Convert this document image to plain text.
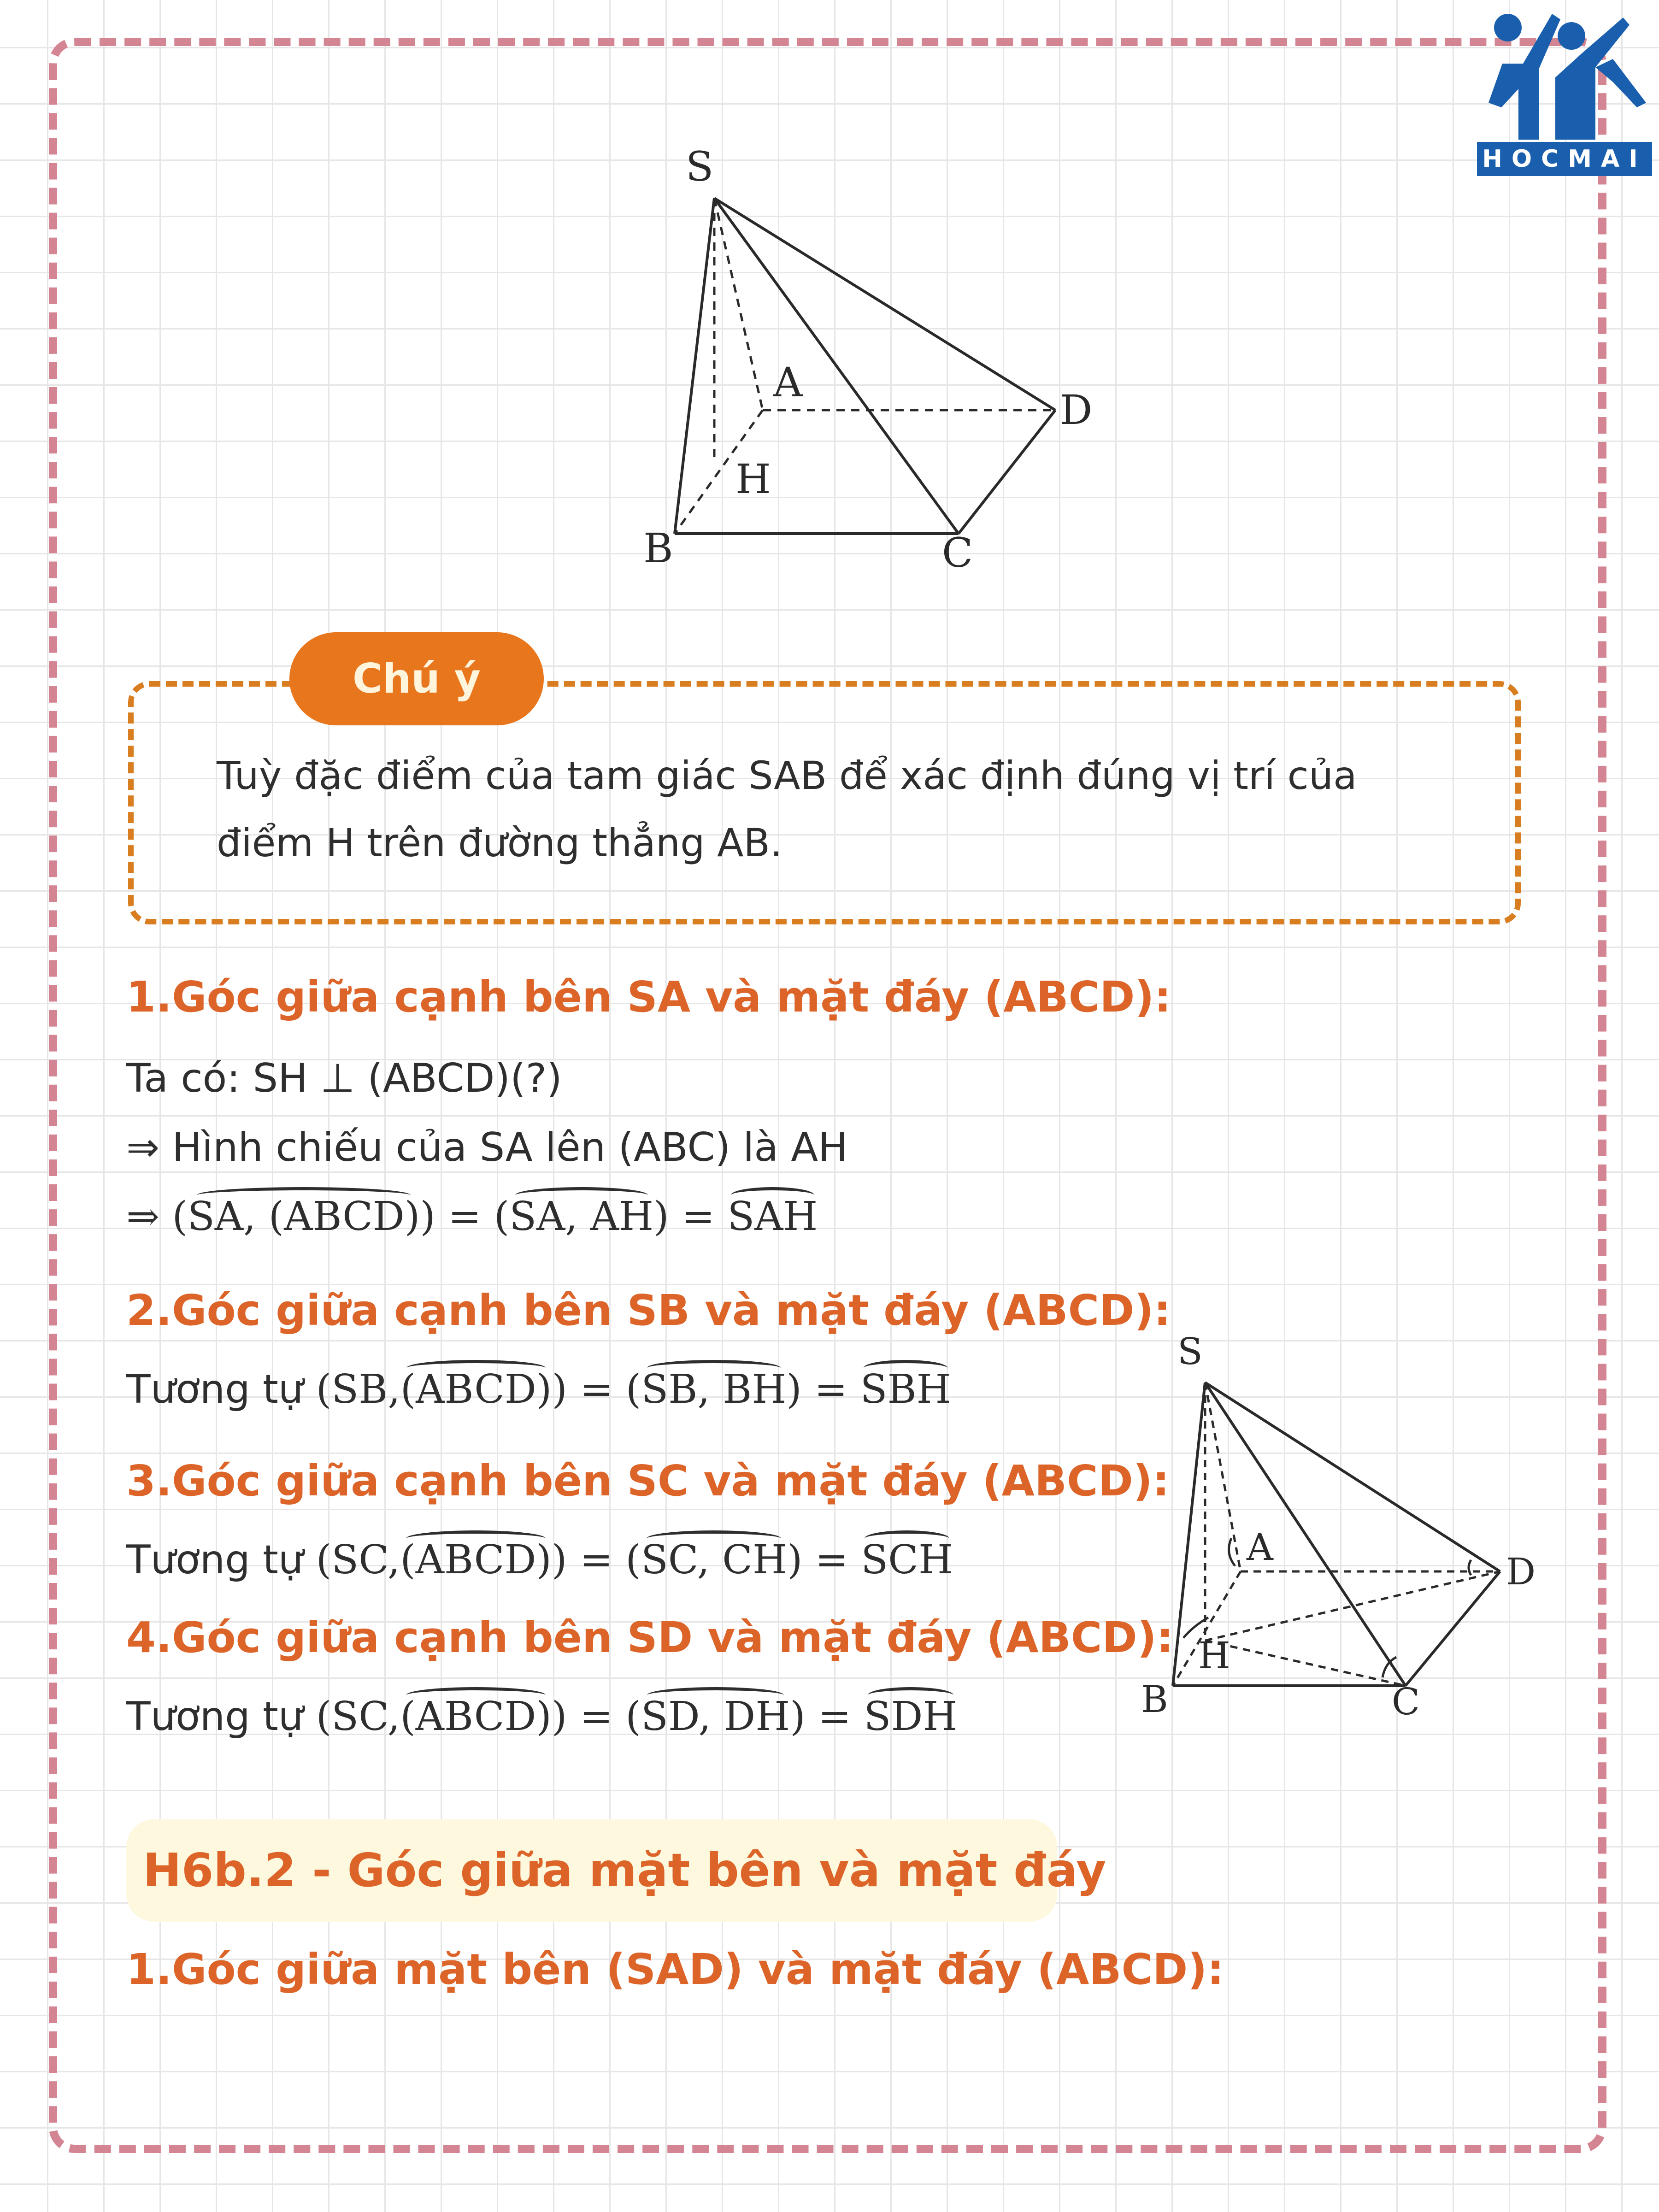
HOCMAI
S
A
D
H
B	C
Chú ý
Tuỳ đặc điểm của tam giác SAB để xác định đúng vị trí của
điểm H trên đường thẳng AB.
1.Góc giữa cạnh bên SA và mặt đáy (ABCD):
Ta có: SH ⊥ (ABCD)(?)
⇒ Hình chiếu của SA lên (ABC) là AH
⇒ (SA, (ABCD)) = (SA, AH) = SAH
2.Góc giữa cạnh bên SB và mặt đáy (ABCD):
Tương tự (SB,(ABCD)) = (SB, BH) = SBH
3.Góc giữa cạnh bên SC và mặt đáy (ABCD):
Tương tự (SC,(ABCD)) = (SC, CH) = SCH
4.Góc giữa cạnh bên SD và mặt đáy (ABCD):
Tương tự (SC,(ABCD)) = (SD, DH) = SDH
S
A
D
H
B	C
H6b.2 - Góc giữa mặt bên và mặt đáy
1.Góc giữa mặt bên (SAD) và mặt đáy (ABCD):
